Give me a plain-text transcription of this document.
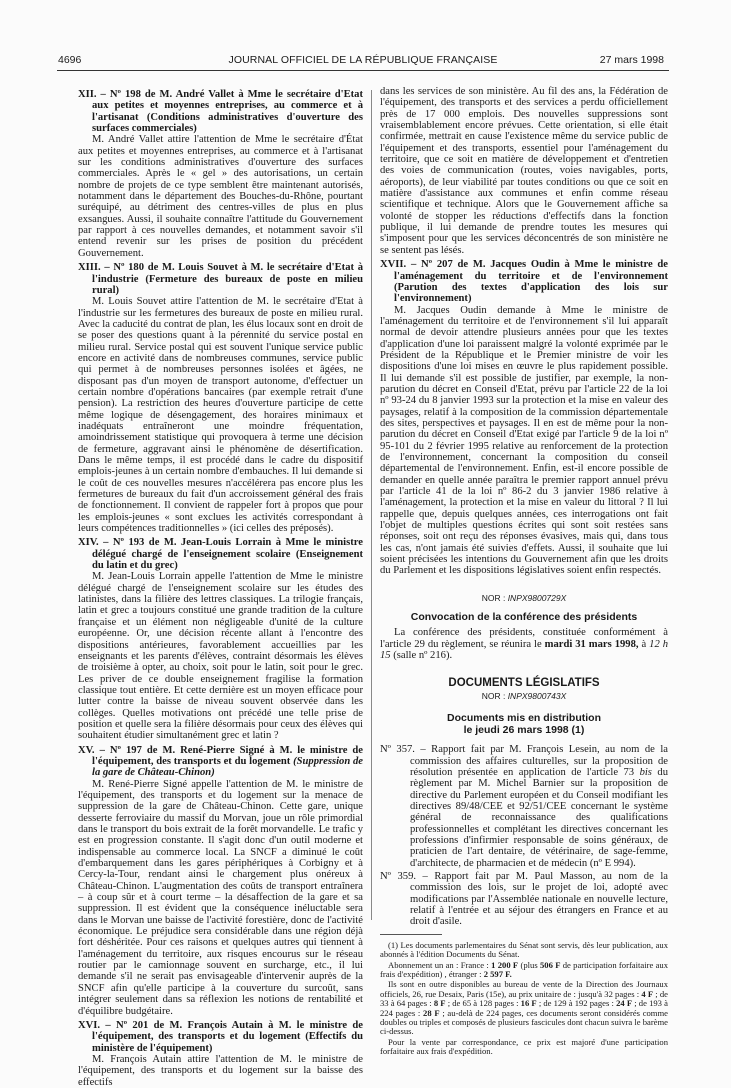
4696	JOURNAL OFFICIEL DE LA RÉPUBLIQUE FRANÇAISE	27 mars 1998
XII. – Nº 198 de M. André Vallet à Mme le secrétaire d'Etat aux petites et moyennes entreprises, au commerce et à l'artisanat (Conditions administratives d'ouverture des surfaces commerciales)

M. André Vallet attire l'attention de Mme le secrétaire d'État aux petites et moyennes entreprises, au commerce et à l'artisanat sur les conditions administratives d'ouverture des surfaces commerciales. Après le « gel » des autorisations, un certain nombre de projets de ce type semblent être maintenant autorisés, notamment dans le département des Bouches-du-Rhône, pourtant suréquipé, au détriment des centres-villes de plus en plus exsangues. Aussi, il souhaite connaître l'attitude du Gouvernement par rapport à ces nouvelles demandes, et notamment savoir s'il entend revenir sur les prises de position du précédent Gouvernement.

XIII. – Nº 180 de M. Louis Souvet à M. le secrétaire d'Etat à l'industrie (Fermeture des bureaux de poste en milieu rural)

M. Louis Souvet attire l'attention de M. le secrétaire d'Etat à l'industrie sur les fermetures des bureaux de poste en milieu rural. Avec la caducité du contrat de plan, les élus locaux sont en droit de se poser des questions quant à la pérennité du service postal en milieu rural. Service postal qui est souvent l'unique service public encore en activité dans de nombreuses communes, service public qui permet à de nombreuses personnes isolées et âgées, ne disposant pas d'un moyen de transport autonome, d'effectuer un certain nombre d'opérations bancaires (par exemple retrait d'une pension). La restriction des heures d'ouverture participe de cette même logique de désengagement, des horaires minimaux et inadéquats entraîneront une moindre fréquentation, amoindrissement statistique qui provoquera à terme une décision de fermeture, aggravant ainsi le phénomène de désertification. Dans le même temps, il est procédé dans le cadre du dispositif emplois-jeunes à un certain nombre d'embauches. Il lui demande si le coût de ces nouvelles mesures n'accélérera pas encore plus les fermetures de bureaux du fait d'un accroissement général des frais de fonctionnement. Il convient de rappeler fort à propos que pour les emplois-jeunes « sont exclues les activités correspondant à leurs compétences traditionnelles » (ici celles des préposés).

XIV. – Nº 193 de M. Jean-Louis Lorrain à Mme le ministre délégué chargé de l'enseignement scolaire (Enseignement du latin et du grec)

M. Jean-Louis Lorrain appelle l'attention de Mme le ministre délégué chargé de l'enseignement scolaire sur les études des latinistes, dans la filière des lettres classiques. La trilogie français, latin et grec a toujours constitué une grande tradition de la culture française et un élément non négligeable d'unité de la culture européenne. Or, une décision récente allant à l'encontre des dispositions antérieures, favorablement accueillies par les enseignants et les parents d'élèves, contraint désormais les élèves de troisième à opter, au choix, soit pour le latin, soit pour le grec. Les priver de ce double enseignement fragilise la formation classique tout entière. Et cette dernière est un moyen efficace pour lutter contre la baisse de niveau souvent observée dans les collèges. Quelles motivations ont précédé une telle prise de position et quelle sera la filière désormais pour ceux des élèves qui souhaitent étudier simultanément grec et latin ?

XV. – Nº 197 de M. René-Pierre Signé à M. le ministre de l'équipement, des transports et du logement (Suppression de la gare de Château-Chinon)

M. René-Pierre Signé appelle l'attention de M. le ministre de l'équipement, des transports et du logement sur la menace de suppression de la gare de Château-Chinon. Cette gare, unique desserte ferroviaire du massif du Morvan, joue un rôle primordial dans le transport du bois extrait de la forêt morvandelle. Le trafic y est en progression constante. Il s'agit donc d'un outil moderne et indispensable au commerce local. La SNCF a diminué le coût d'embarquement dans les gares périphériques à Corbigny et à Cercy-la-Tour, rendant ainsi le chargement plus onéreux à Château-Chinon. L'augmentation des coûts de transport entraînera – à coup sûr et à court terme – la désaffection de la gare et sa suppression. Il est évident que la conséquence inéluctable sera dans le Morvan une baisse de l'activité forestière, donc de l'activité économique. Le préjudice sera considérable dans une région déjà fort déshéritée. Pour ces raisons et quelques autres qui tiennent à l'aménagement du territoire, aux risques encourus sur le réseau routier par le camionnage souvent en surcharge, etc., il lui demande s'il ne serait pas envisageable d'intervenir auprès de la SNCF afin qu'elle participe à la couverture du surcoût, sans intégrer seulement dans sa réflexion les notions de rentabilité et d'équilibre budgétaire.

XVI. – Nº 201 de M. François Autain à M. le ministre de l'équipement, des transports et du logement (Effectifs du ministère de l'équipement)

M. François Autain attire l'attention de M. le ministre de l'équipement, des transports et du logement sur la baisse des effectifs

dans les services de son ministère. Au fil des ans, la Fédération de l'équipement, des transports et des services a perdu officiellement près de 17 000 emplois. Des nouvelles suppressions sont vraisemblablement encore prévues. Cette orientation, si elle était confirmée, mettrait en cause l'existence même du service public de l'équipement et des transports, essentiel pour l'aménagement du territoire, que ce soit en matière de développement et d'entretien des voies de communication (routes, voies navigables, ports, aéroports), de leur viabilité par toutes conditions ou que ce soit en matière d'assistance aux communes et enfin comme réseau scientifique et technique. Alors que le Gouvernement affiche sa volonté de stopper les réductions d'effectifs dans la fonction publique, il lui demande de prendre toutes les mesures qui s'imposent pour que les services déconcentrés de son ministère ne se sentent pas lésés.

XVII. – Nº 207 de M. Jacques Oudin à Mme le ministre de l'aménagement du territoire et de l'environnement (Parution des textes d'application des lois sur l'environnement)

M. Jacques Oudin demande à Mme le ministre de l'aménagement du territoire et de l'environnement s'il lui apparaît normal de devoir attendre plusieurs années pour que les textes d'application d'une loi paraissent malgré la volonté exprimée par le Président de la République et le Premier ministre de voir les dispositions d'une loi mises en œuvre le plus rapidement possible. Il lui demande s'il est possible de justifier, par exemple, la non-parution du décret en Conseil d'Etat, prévu par l'article 22 de la loi nº 93-24 du 8 janvier 1993 sur la protection et la mise en valeur des paysages, relatif à la composition de la commission départementale des sites, perspectives et paysages. Il en est de même pour la non-parution du décret en Conseil d'Etat exigé par l'article 9 de la loi nº 95-101 du 2 février 1995 relative au renforcement de la protection de l'environnement, concernant la composition du conseil départemental de l'environnement. Enfin, est-il encore possible de demander en quelle année paraîtra le premier rapport annuel prévu par l'article 41 de la loi nº 86-2 du 3 janvier 1986 relative à l'aménagement, la protection et la mise en valeur du littoral ? Il lui rappelle que, depuis quelques années, ces interrogations ont fait l'objet de multiples questions écrites qui sont soit restées sans réponses, soit ont reçu des réponses évasives, mais qui, dans tous les cas, n'ont jamais été suivies d'effets. Aussi, il souhaite que lui soient précisées les intentions du Gouvernement afin que les droits du Parlement et les dispositions législatives soient enfin respectés.

NOR : INPX9800729X
Convocation de la conférence des présidents

La conférence des présidents, constituée conformément à l'article 29 du règlement, se réunira le mardi 31 mars 1998, à 12 h 15 (salle nº 216).

DOCUMENTS LÉGISLATIFS
NOR : INPX9800743X
Documents mis en distribution
le jeudi 26 mars 1998 (1)
Nº 357. – Rapport fait par M. François Lesein, au nom de la commission des affaires culturelles, sur la proposition de résolution présentée en application de l'article 73 bis du règlement par M. Michel Barnier sur la proposition de directive du Parlement européen et du Conseil modifiant les directives 89/48/CEE et 92/51/CEE concernant le système général de reconnaissance des qualifications professionnelles et complétant les directives concernant les professions d'infirmier responsable de soins généraux, de praticien de l'art dentaire, de vétérinaire, de sage-femme, d'architecte, de pharmacien et de médecin (nº E 994).
Nº 359. – Rapport fait par M. Paul Masson, au nom de la commission des lois, sur le projet de loi, adopté avec modifications par l'Assemblée nationale en nouvelle lecture, relatif à l'entrée et au séjour des étrangers en France et au droit d'asile.

(1) Les documents parlementaires du Sénat sont servis, dès leur publication, aux abonnés à l'édition Documents du Sénat.

Abonnement un an : France : 1 200 F (plus 506 F de participation forfaitaire aux frais d'expédition) , étranger : 2 597 F.

Ils sont en outre disponibles au bureau de vente de la Direction des Journaux officiels, 26, rue Desaix, Paris (15e), au prix unitaire de : jusqu'à 32 pages : 4 F ; de 33 à 64 pages : 8 F ; de 65 à 128 pages : 16 F ; de 129 à 192 pages : 24 F ; de 193 à 224 pages : 28 F ; au-delà de 224 pages, ces documents seront considérés comme doubles ou triples et composés de plusieurs fascicules dont chacun suivra le barème ci-dessus.

Pour la vente par correspondance, ce prix est majoré d'une participation forfaitaire aux frais d'expédition.
